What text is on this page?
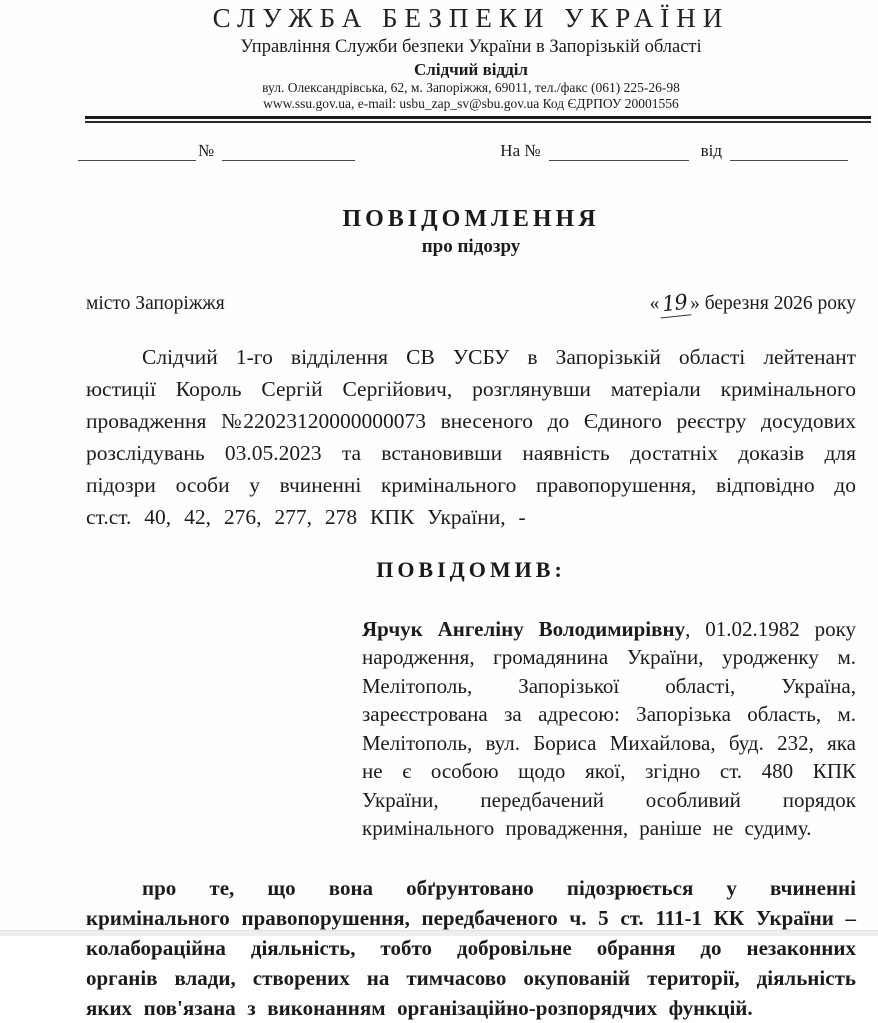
СЛУЖБА БЕЗПЕКИ УКРАЇНИ
Управління Служби безпеки України в Запорізькій області
Слідчий відділ
вул. Олександрівська, 62, м. Запоріжжя, 69011, тел./факс (061) 225-26-98
www.ssu.gov.ua, e-mail: usbu_zap_sv@sbu.gov.ua Код ЄДРПОУ 20001556
№	На №	від
ПОВІДОМЛЕННЯ
про підозру
місто Запоріжжя	«19» березня 2026 року

Слідчий 1-го відділення СВ УСБУ в Запорізькій області лейтенант юстиції Король Сергій Сергійович, розглянувши матеріали кримінального провадження №22023120000000073 внесеного до Єдиного реєстру досудових розслідувань 03.05.2023 та встановивши наявність достатніх доказів для підозри особи у вчиненні кримінального правопорушення, відповідно до ст.ст. 40, 42, 276, 277, 278 КПК України, -

ПОВІДОМИВ:

Ярчук Ангеліну Володимирівну, 01.02.1982 року народження, громадянина України, уродженку м. Мелітополь, Запорізької області, Україна, зареєстрована за адресою: Запорізька область, м. Мелітополь, вул. Бориса Михайлова, буд. 232, яка не є особою щодо якої, згідно ст. 480 КПК України, передбачений особливий порядок кримінального провадження, раніше не судиму.

про те, що вона обґрунтовано підозрюється у вчиненні кримінального правопорушення, передбаченого ч. 5 ст. 111-1 КК України – колабораційна діяльність, тобто добровільне обрання до незаконних органів влади, створених на тимчасово окупованій території, діяльність яких пов'язана з виконанням організаційно-розпорядчих функцій.
